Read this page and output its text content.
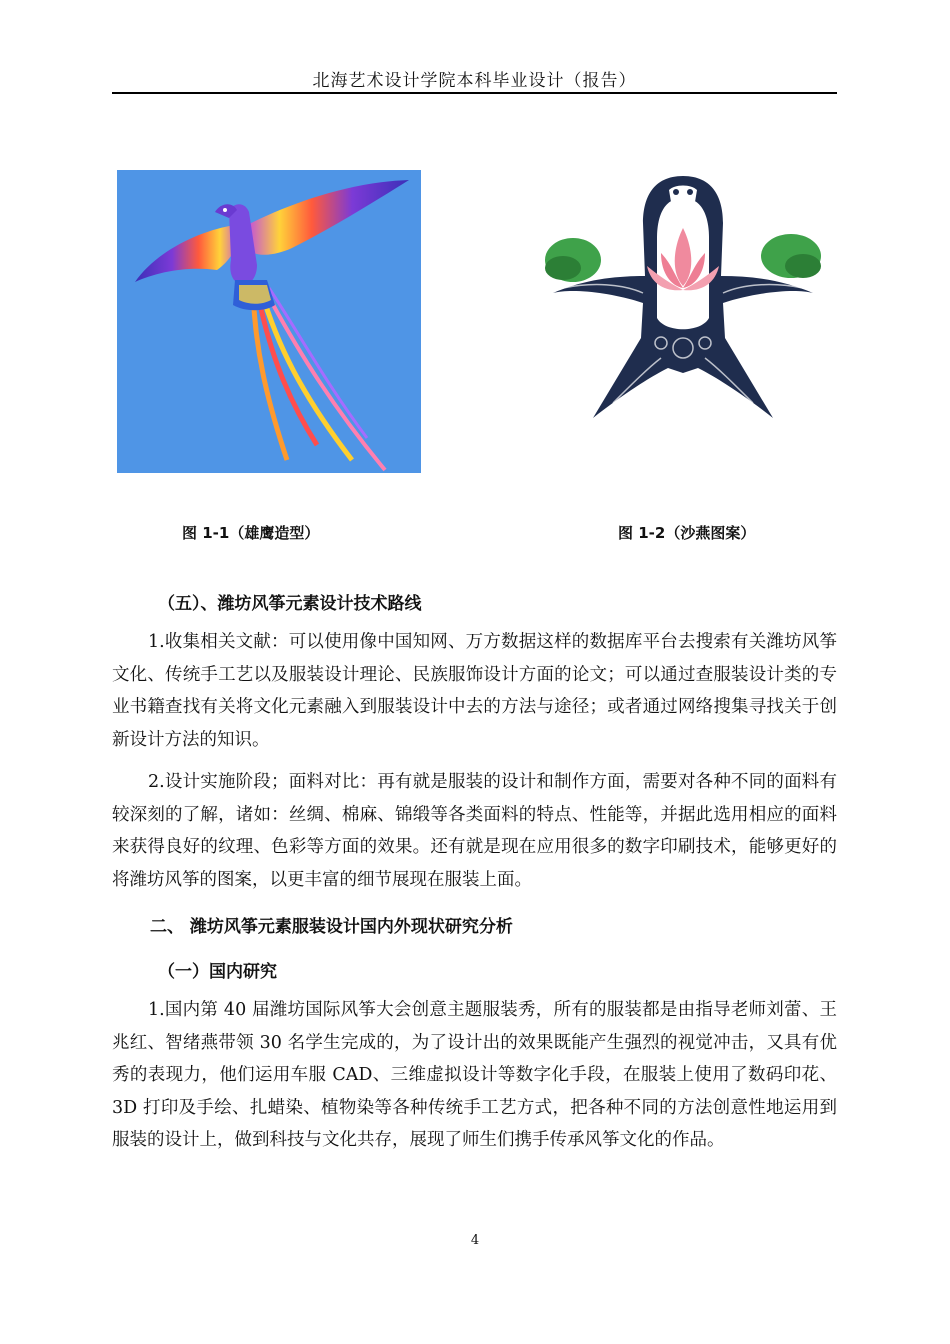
北海艺术设计学院本科毕业设计（报告）
图 1-1（雄鹰造型）	图 1-2（沙燕图案）
（五）、潍坊风筝元素设计技术路线
1.收集相关文献：可以使用像中国知网、万方数据这样的数据库平台去搜索有关潍坊风筝文化、传统手工艺以及服装设计理论、民族服饰设计方面的论文；可以通过查服装设计类的专业书籍查找有关将文化元素融入到服装设计中去的方法与途径；或者通过网络搜集寻找关于创新设计方法的知识。
2.设计实施阶段；面料对比：再有就是服装的设计和制作方面，需要对各种不同的面料有较深刻的了解，诸如：丝绸、棉麻、锦缎等各类面料的特点、性能等，并据此选用相应的面料来获得良好的纹理、色彩等方面的效果。还有就是现在应用很多的数字印刷技术，能够更好的将潍坊风筝的图案，以更丰富的细节展现在服装上面。
二、 潍坊风筝元素服装设计国内外现状研究分析
（一）国内研究
1.国内第 40 届潍坊国际风筝大会创意主题服装秀，所有的服装都是由指导老师刘蕾、王兆红、智绪燕带领 30 名学生完成的，为了设计出的效果既能产生强烈的视觉冲击，又具有优秀的表现力，他们运用车服 CAD、三维虚拟设计等数字化手段，在服装上使用了数码印花、3D 打印及手绘、扎蜡染、植物染等各种传统手工艺方式，把各种不同的方法创意性地运用到服装的设计上，做到科技与文化共存，展现了师生们携手传承风筝文化的作品。
4
